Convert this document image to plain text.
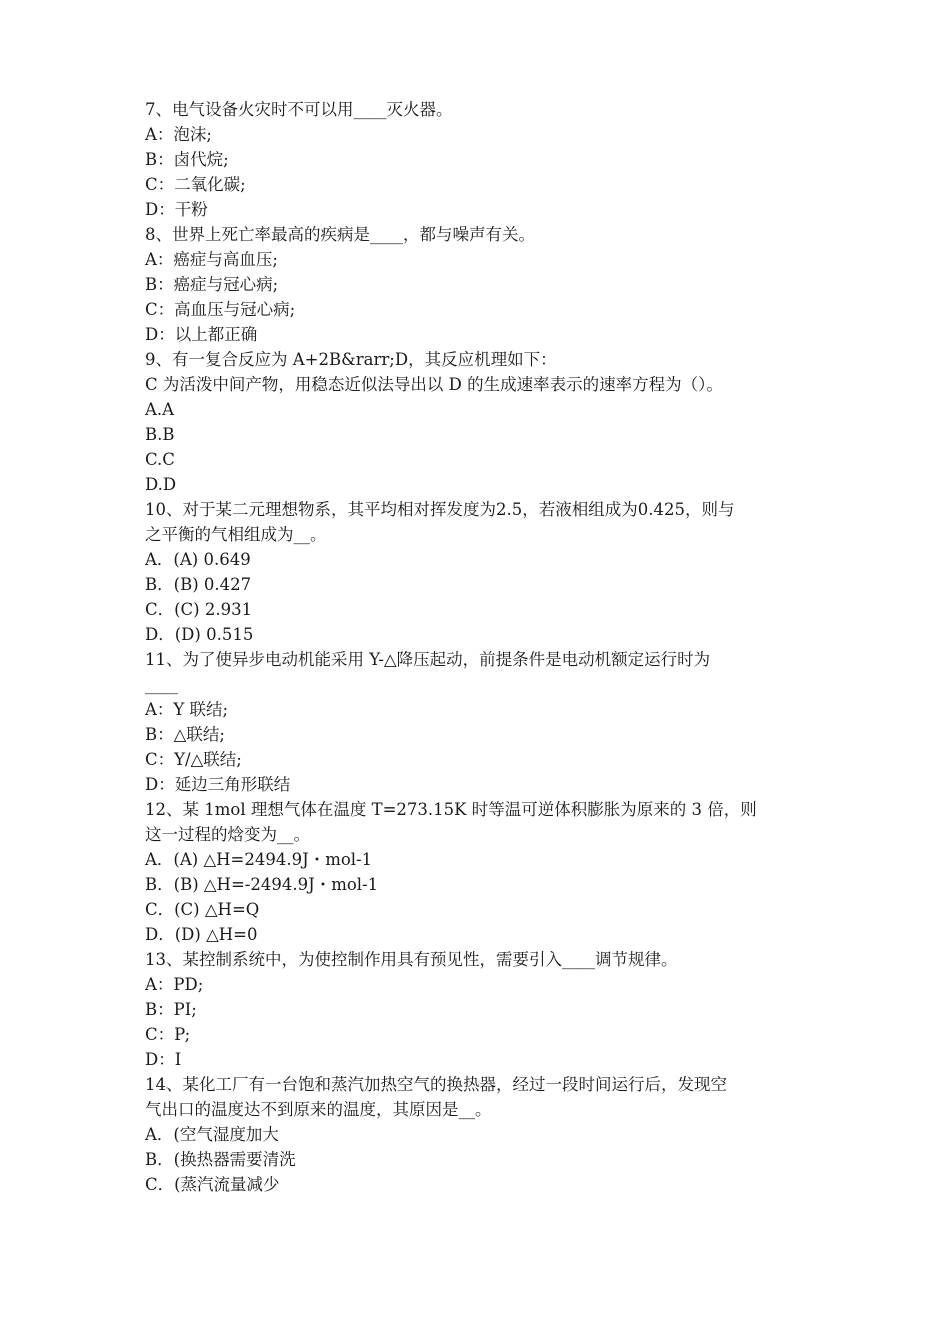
7、电气设备火灾时不可以用____灭火器。
A：泡沫;
B：卤代烷;
C：二氧化碳;
D：干粉
8、世界上死亡率最高的疾病是____，都与噪声有关。
A：癌症与高血压;
B：癌症与冠心病;
C：高血压与冠心病;
D：以上都正确
9、有一复合反应为 A+2B&rarr;D，其反应机理如下：
C 为活泼中间产物，用稳态近似法导出以 D 的生成速率表示的速率方程为（）。
A.A
B.B
C.C
D.D
10、对于某二元理想物系，其平均相对挥发度为2.5，若液相组成为0.425，则与
之平衡的气相组成为__。
A．(A) 0.649
B．(B) 0.427
C．(C) 2.931
D．(D) 0.515
11、为了使异步电动机能采用 Y-△降压起动，前提条件是电动机额定运行时为
____
A：Y 联结;
B：△联结;
C：Y/△联结;
D：延边三角形联结
12、某 1mol 理想气体在温度 T=273.15K 时等温可逆体积膨胀为原来的 3 倍，则
这一过程的焓变为__。
A．(A) △H=2494.9J・mol-1
B．(B) △H=-2494.9J・mol-1
C．(C) △H=Q
D．(D) △H=0
13、某控制系统中，为使控制作用具有预见性，需要引入____调节规律。
A：PD;
B：PI;
C：P;
D：I
14、某化工厂有一台饱和蒸汽加热空气的换热器，经过一段时间运行后，发现空
气出口的温度达不到原来的温度，其原因是__。
A．(空气湿度加大
B．(换热器需要清洗
C．(蒸汽流量减少
